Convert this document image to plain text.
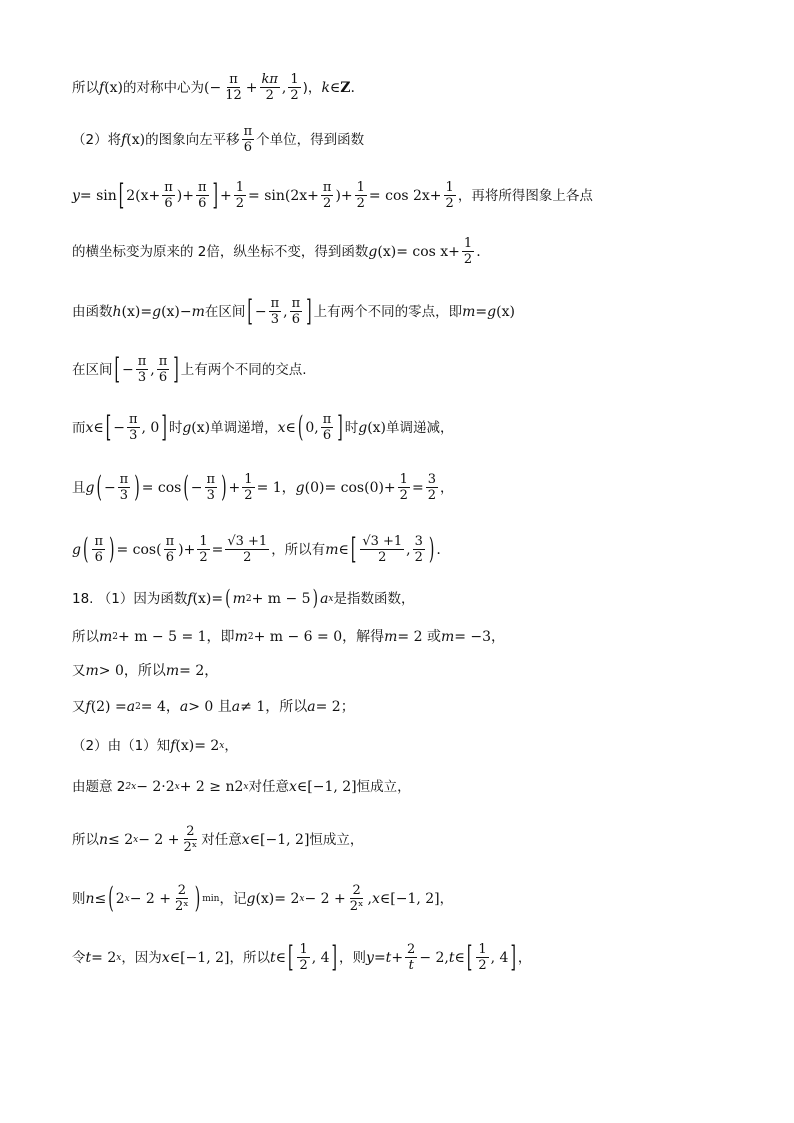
所以 f (x) 的对称中心为 (− $\frac{\pi}{12} + \frac{k\pi}{2}$ , $\frac{1}{2}$ )， k ∈ Z .
（2）将 f (x) 的图象向左平移 $\frac{\pi}{6}$ 个单位，得到函数
y = sin [ $2(x+ \frac{\pi}{6}$ )+ $\frac{\pi}{6}$ ] + $\frac{1}{2} = \sin(2x+ \frac{\pi}{2}$ )+ $\frac{1}{2} = \cos 2x+ \frac{1}{2}$ ，再将所得图象上各点
的横坐标变为原来的 2倍，纵坐标不变，得到函数 g $(x) = \cos x+ \frac{1}{2}$ .
由函数 h (x) = g (x) − m 在区间 [ − $\frac{\pi}{3}$ , $\frac{\pi}{6}$ ] 上有两个不同的零点，即 m = g (x)
在区间 [ − $\frac{\pi}{3}$ , $\frac{\pi}{6}$ ] 上有两个不同的交点.
而 x ∈ [ − $\frac{\pi}{3}$ , 0 ] 时 g (x) 单调递增， x ∈ ( 0, $\frac{\pi}{6}$ ] 时 g (x) 单调递减，
且 g ( − $\frac{\pi}{3}$ ) = cos ( − $\frac{\pi}{3}$ ) + $\frac{1}{2} = 1$， g $(0) = \cos(0)+ \frac{1}{2} = \frac{3}{2}$ ，
g ( $\frac{\pi}{6}$ ) = $\cos( \frac{\pi}{6}$ )+ $\frac{1}{2} = \frac{√3 +1}{2}$ ，所以有 m ∈ [ $\frac{√3 +1}{2}$ , $\frac{3}{2}$ ) .
18. （1）因为函数 f (x) = ( m 2 + m − 5 ) a x 是指数函数，
所以 m 2 + m − 5 = 1，即 m 2 + m − 6 = 0，解得 m = 2 或 m = −3，
又 m > 0，所以 m = 2，
又 f (2) = a 2 = 4， a > 0 且 a ≠ 1，所以 a = 2；
（2）由（1）知 f (x) = 2 x ，
由题意 2 2x − 2·2 x + 2 ≥ n2 x 对任意 x ∈ [−1, 2] 恒成立，
所以 n ≤ 2 $x - 2 + \frac{2}{\text{2ˣ}}$ 对任意 x ∈ [−1, 2] 恒成立，
则 n ≤ ( 2 $x - 2 + \frac{2}{\text{2ˣ}}$ ) min ，记 g (x) = 2 $x - 2 + \frac{2}{\text{2ˣ}}$ , x ∈ [−1, 2] ，
令 t = 2 x ，因为 x ∈ [−1, 2] ，所以 t ∈ [ $\frac{1}{2}$ , 4 ] ，则 $y = t + \frac{2}{t} - 2$, t ∈ [ $\frac{1}{2}$ , 4 ] ，
